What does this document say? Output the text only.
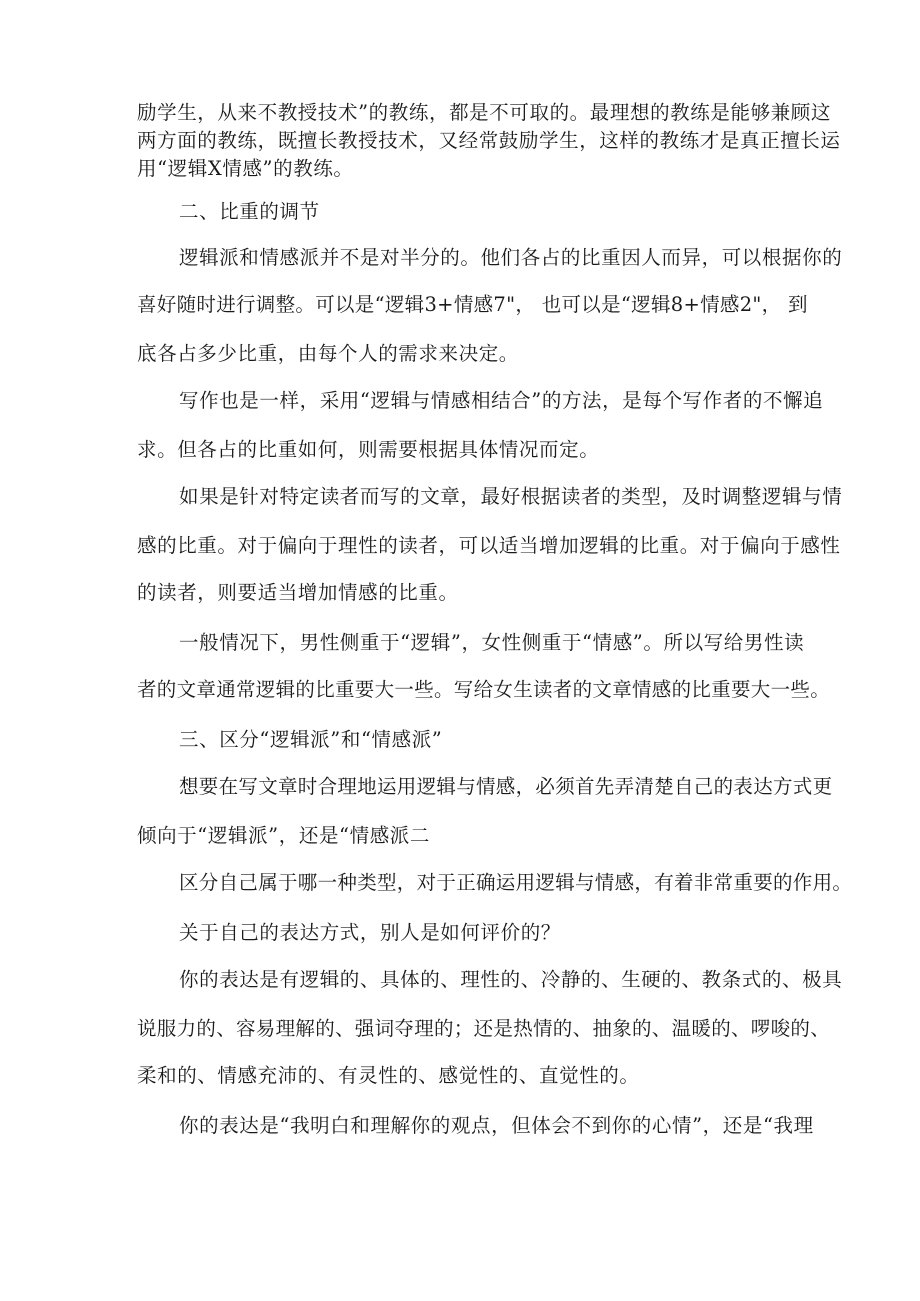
励学生，从来不教授技术”的教练，都是不可取的。最理想的教练是能够兼顾这

两方面的教练，既擅长教授技术，又经常鼓励学生，这样的教练才是真正擅长运

用“逻辑X情感”的教练。

二、比重的调节

逻辑派和情感派并不是对半分的。他们各占的比重因人而异，可以根据你的

喜好随时进行调整。可以是“逻辑3+情感7"， 也可以是“逻辑8+情感2"， 到

底各占多少比重，由每个人的需求来决定。

写作也是一样，采用“逻辑与情感相结合”的方法，是每个写作者的不懈追

求。但各占的比重如何，则需要根据具体情况而定。

如果是针对特定读者而写的文章，最好根据读者的类型，及时调整逻辑与情

感的比重。对于偏向于理性的读者，可以适当增加逻辑的比重。对于偏向于感性

的读者，则要适当增加情感的比重。

一般情况下，男性侧重于“逻辑”，女性侧重于“情感”。所以写给男性读

者的文章通常逻辑的比重要大一些。写给女生读者的文章情感的比重要大一些。

三、区分“逻辑派”和“情感派”

想要在写文章时合理地运用逻辑与情感，必须首先弄清楚自己的表达方式更

倾向于“逻辑派”，还是“情感派二

区分自己属于哪一种类型，对于正确运用逻辑与情感，有着非常重要的作用。

关于自己的表达方式，别人是如何评价的？

你的表达是有逻辑的、具体的、理性的、冷静的、生硬的、教条式的、极具

说服力的、容易理解的、强词夺理的；还是热情的、抽象的、温暖的、啰唆的、

柔和的、情感充沛的、有灵性的、感觉性的、直觉性的。

你的表达是“我明白和理解你的观点，但体会不到你的心情”，还是“我理
